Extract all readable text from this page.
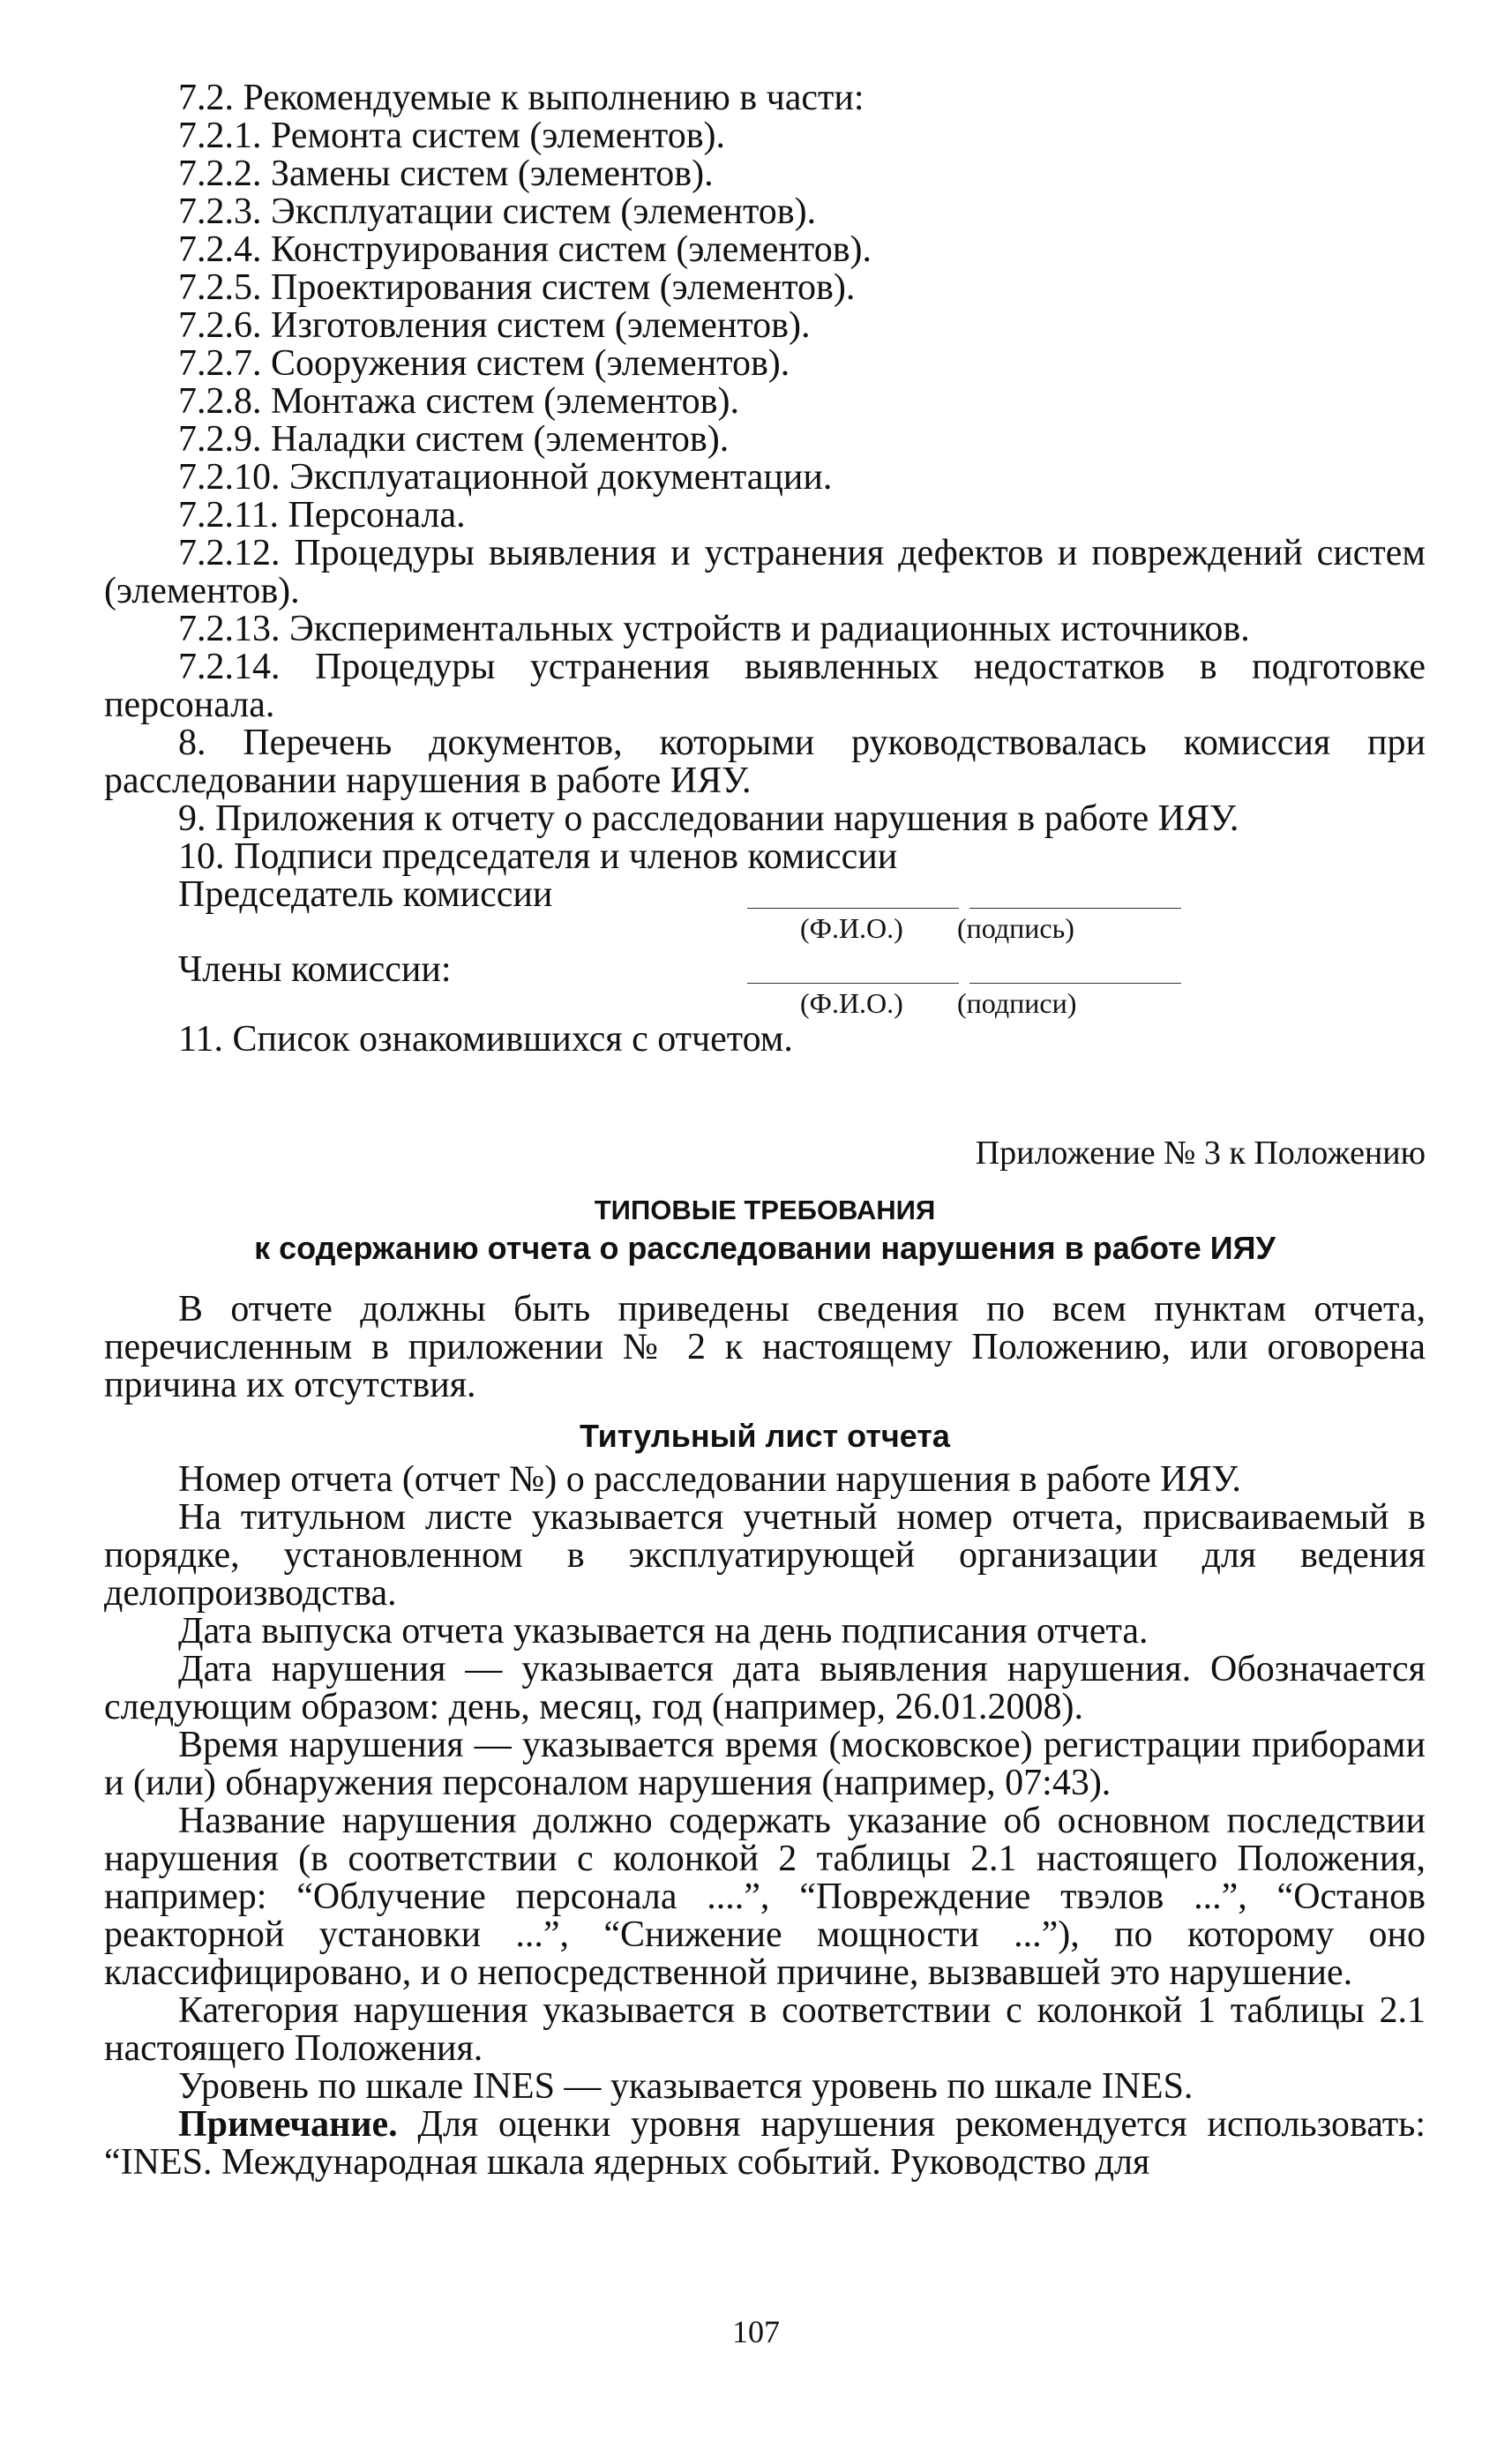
7.2. Рекомендуемые к выполнению в части:

7.2.1. Ремонта систем (элементов).

7.2.2. Замены систем (элементов).

7.2.3. Эксплуатации систем (элементов).

7.2.4. Конструирования систем (элементов).

7.2.5. Проектирования систем (элементов).

7.2.6. Изготовления систем (элементов).

7.2.7. Сооружения систем (элементов).

7.2.8. Монтажа систем (элементов).

7.2.9. Наладки систем (элементов).

7.2.10. Эксплуатационной документации.

7.2.11. Персонала.

7.2.12. Процедуры выявления и устранения дефектов и повреждений систем (элементов).

7.2.13. Экспериментальных устройств и радиационных источников.

7.2.14. Процедуры устранения выявленных недостатков в подготовке персонала.

8. Перечень документов, которыми руководствовалась комиссия при расследовании нарушения в работе ИЯУ.

9. Приложения к отчету о расследовании нарушения в работе ИЯУ.

10. Подписи председателя и членов комиссии

Председатель комиссии
(Ф.И.О.) (подпись)
Члены комиссии:
(Ф.И.О.) (подписи)

11. Список ознакомившихся с отчетом.

Приложение № 3 к Положению

ТИПОВЫЕ ТРЕБОВАНИЯ

к содержанию отчета о расследовании нарушения в работе ИЯУ

В отчете должны быть приведены сведения по всем пунктам отчета, перечисленным в приложении № 2 к настоящему Положению, или оговорена причина их отсутствия.

Титульный лист отчета

Номер отчета (отчет №) о расследовании нарушения в работе ИЯУ.

На титульном листе указывается учетный номер отчета, присваиваемый в порядке, установленном в эксплуатирующей организации для ведения делопроизводства.

Дата выпуска отчета указывается на день подписания отчета.

Дата нарушения — указывается дата выявления нарушения. Обозначается следующим образом: день, месяц, год (например, 26.01.2008).

Время нарушения — указывается время (московское) регистрации приборами и (или) обнаружения персоналом нарушения (например, 07:43).

Название нарушения должно содержать указание об основном последствии нарушения (в соответствии с колонкой 2 таблицы 2.1 настоящего Положения, например: “Облучение персонала ....”, “Повреждение твэлов ...”, “Останов реакторной установки ...”, “Снижение мощности ...”), по которому оно классифицировано, и о непосредственной причине, вызвавшей это нарушение.

Категория нарушения указывается в соответствии с колонкой 1 таблицы 2.1 настоящего Положения.

Уровень по шкале INES — указывается уровень по шкале INES.

Примечание. Для оценки уровня нарушения рекомендуется использовать: “INES. Международная шкала ядерных событий. Руководство для

107
